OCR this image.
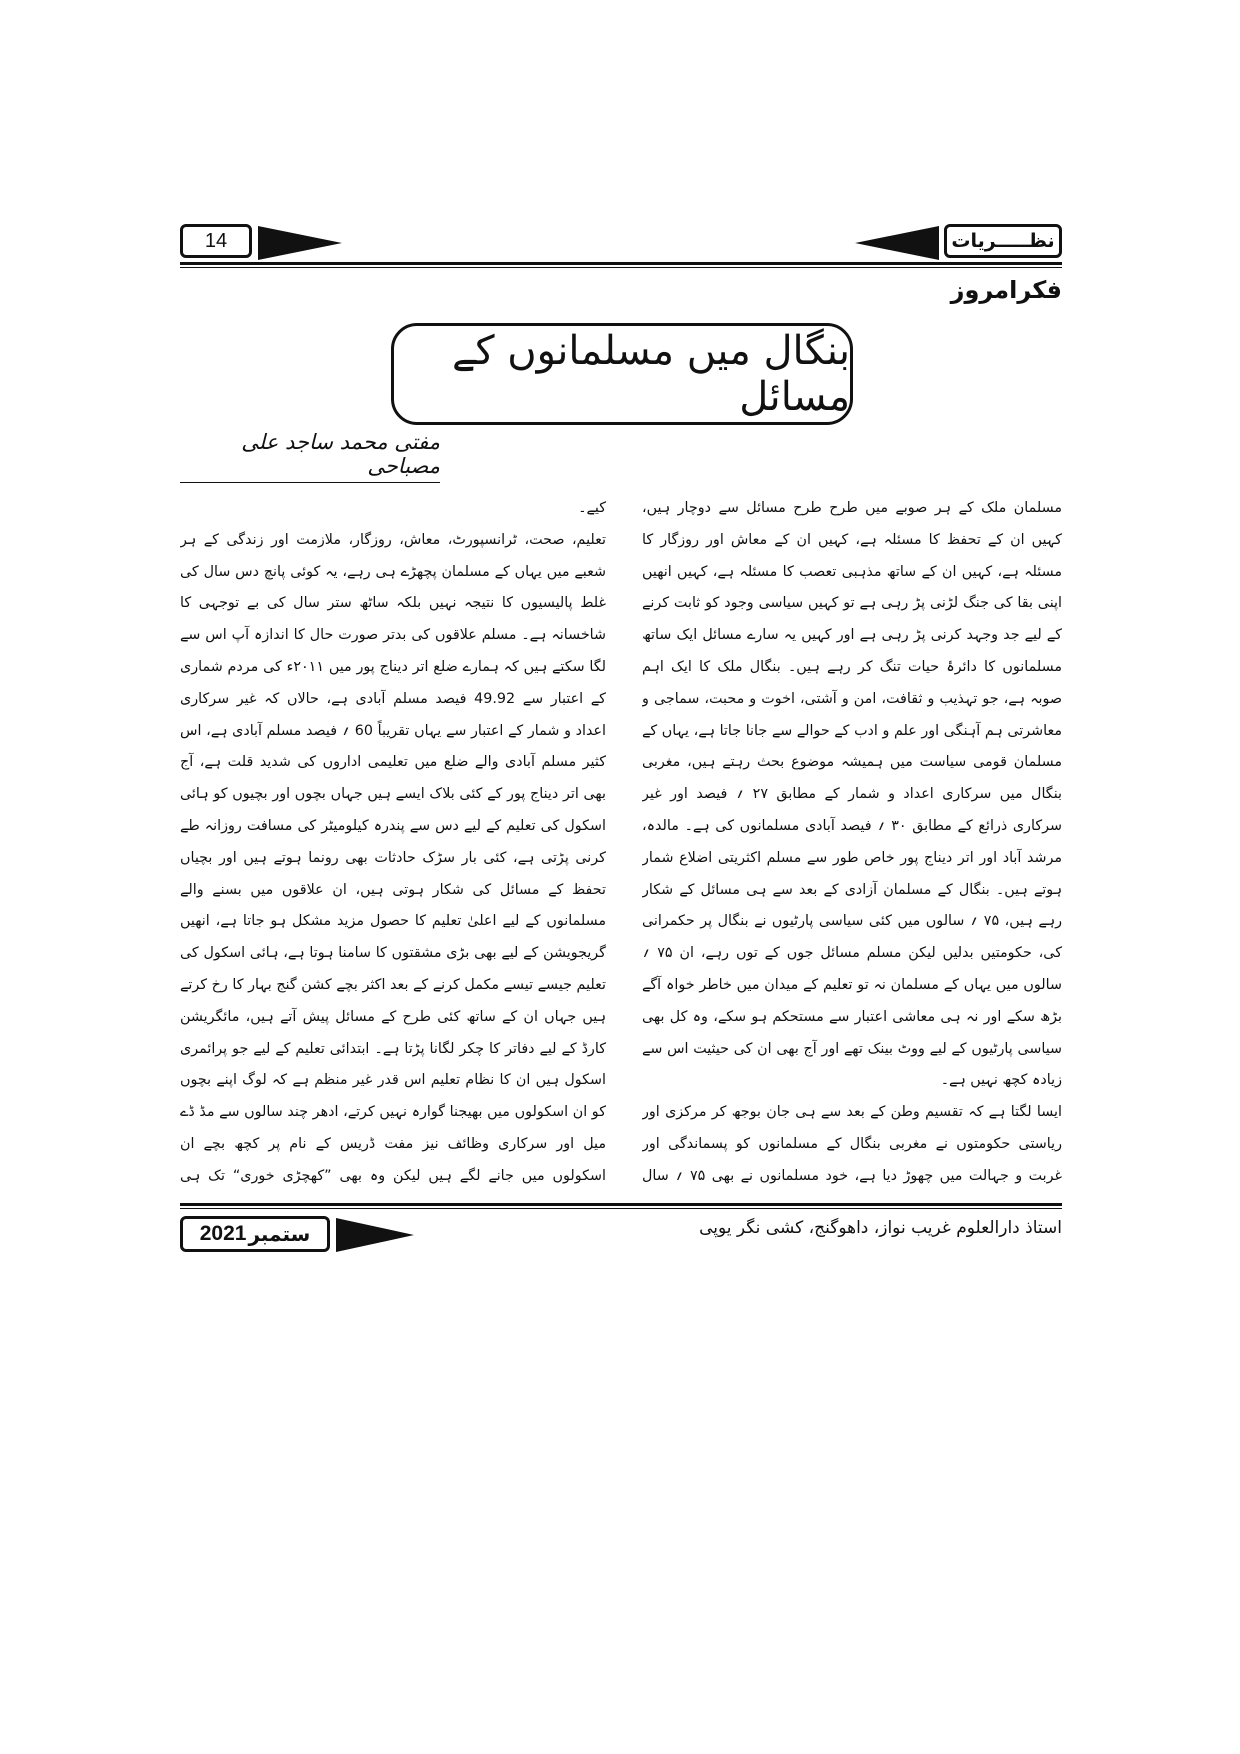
14	نظـــــریات
فکرامروز
بنگال میں مسلمانوں کے مسائل
مفتی محمد ساجد علی مصباحی

مسلمان ملک کے ہر صوبے میں طرح طرح مسائل سے دوچار ہیں، کہیں ان کے تحفظ کا مسئلہ ہے، کہیں ان کے معاش اور روزگار کا مسئلہ ہے، کہیں ان کے ساتھ مذہبی تعصب کا مسئلہ ہے، کہیں انھیں اپنی بقا کی جنگ لڑنی پڑ رہی ہے تو کہیں سیاسی وجود کو ثابت کرنے کے لیے جد وجہد کرنی پڑ رہی ہے اور کہیں یہ سارے مسائل ایک ساتھ مسلمانوں کا دائرۂ حیات تنگ کر رہے ہیں۔ بنگال ملک کا ایک اہم صوبہ ہے، جو تہذیب و ثقافت، امن و آشتی، اخوت و محبت، سماجی و معاشرتی ہم آہنگی اور علم و ادب کے حوالے سے جانا جاتا ہے، یہاں کے مسلمان قومی سیاست میں ہمیشہ موضوع بحث رہتے ہیں، مغربی بنگال میں سرکاری اعداد و شمار کے مطابق ۲۷ ؍ فیصد اور غیر سرکاری ذرائع کے مطابق ۳۰ ؍ فیصد آبادی مسلمانوں کی ہے۔ مالدہ، مرشد آباد اور اتر دیناج پور خاص طور سے مسلم اکثریتی اضلاع شمار ہوتے ہیں۔ بنگال کے مسلمان آزادی کے بعد سے ہی مسائل کے شکار رہے ہیں، ۷۵ ؍ سالوں میں کئی سیاسی پارٹیوں نے بنگال پر حکمرانی کی، حکومتیں بدلیں لیکن مسلم مسائل جوں کے توں رہے، ان ۷۵ ؍ سالوں میں یہاں کے مسلمان نہ تو تعلیم کے میدان میں خاطر خواہ آگے بڑھ سکے اور نہ ہی معاشی اعتبار سے مستحکم ہو سکے، وہ کل بھی سیاسی پارٹیوں کے لیے ووٹ بینک تھے اور آج بھی ان کی حیثیت اس سے زیادہ کچھ نہیں ہے۔

ایسا لگتا ہے کہ تقسیم وطن کے بعد سے ہی جان بوجھ کر مرکزی اور ریاستی حکومتوں نے مغربی بنگال کے مسلمانوں کو پسماندگی اور غربت و جہالت میں چھوڑ دیا ہے، خود مسلمانوں نے بھی ۷۵ ؍ سال

کیے۔

تعلیم، صحت، ٹرانسپورٹ، معاش، روزگار، ملازمت اور زندگی کے ہر شعبے میں یہاں کے مسلمان پچھڑے ہی رہے، یہ کوئی پانچ دس سال کی غلط پالیسیوں کا نتیجہ نہیں بلکہ ساٹھ ستر سال کی بے توجہی کا شاخسانہ ہے۔ مسلم علاقوں کی بدتر صورت حال کا اندازہ آپ اس سے لگا سکتے ہیں کہ ہمارے ضلع اتر دیناج پور میں ۲۰۱۱ء کی مردم شماری کے اعتبار سے 49.92 فیصد مسلم آبادی ہے، حالاں کہ غیر سرکاری اعداد و شمار کے اعتبار سے یہاں تقریباً 60 ؍ فیصد مسلم آبادی ہے، اس کثیر مسلم آبادی والے ضلع میں تعلیمی اداروں کی شدید قلت ہے، آج بھی اتر دیناج پور کے کئی بلاک ایسے ہیں جہاں بچوں اور بچیوں کو ہائی اسکول کی تعلیم کے لیے دس سے پندرہ کیلومیٹر کی مسافت روزانہ طے کرنی پڑتی ہے، کئی بار سڑک حادثات بھی رونما ہوتے ہیں اور بچیاں تحفظ کے مسائل کی شکار ہوتی ہیں، ان علاقوں میں بسنے والے مسلمانوں کے لیے اعلیٰ تعلیم کا حصول مزید مشکل ہو جاتا ہے، انھیں گریجویشن کے لیے بھی بڑی مشقتوں کا سامنا ہوتا ہے، ہائی اسکول کی تعلیم جیسے تیسے مکمل کرنے کے بعد اکثر بچے کشن گنج بہار کا رخ کرتے ہیں جہاں ان کے ساتھ کئی طرح کے مسائل پیش آتے ہیں، مائگریشن کارڈ کے لیے دفاتر کا چکر لگانا پڑتا ہے۔ ابتدائی تعلیم کے لیے جو پرائمری اسکول ہیں ان کا نظام تعلیم اس قدر غیر منظم ہے کہ لوگ اپنے بچوں کو ان اسکولوں میں بھیجنا گوارہ نہیں کرتے، ادھر چند سالوں سے مڈ ڈے میل اور سرکاری وظائف نیز مفت ڈریس کے نام پر کچھ بچے ان اسکولوں میں جانے لگے ہیں لیکن وہ بھی ”کھچڑی خوری“ تک ہی

ستمبر
2021	استاذ دارالعلوم غریب نواز، داھوگنج، کشی نگر یوپی
